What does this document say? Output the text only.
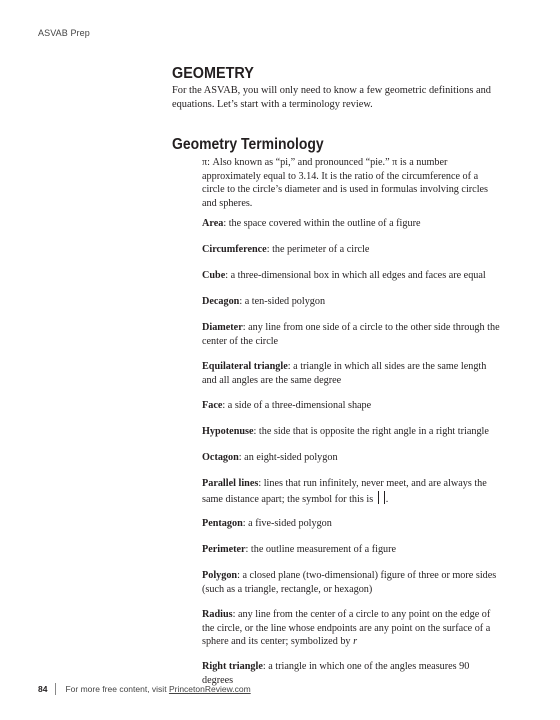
ASVAB Prep
GEOMETRY
For the ASVAB, you will only need to know a few geometric definitions and equations. Let’s start with a terminology review.
Geometry Terminology
π: Also known as “pi,” and pronounced “pie.” π is a number approximately equal to 3.14. It is the ratio of the circumference of a circle to the circle’s diameter and is used in formulas involving circles and spheres.
Area: the space covered within the outline of a figure
Circumference: the perimeter of a circle
Cube: a three-dimensional box in which all edges and faces are equal
Decagon: a ten-sided polygon
Diameter: any line from one side of a circle to the other side through the center of the circle
Equilateral triangle: a triangle in which all sides are the same length and all angles are the same degree
Face: a side of a three-dimensional shape
Hypotenuse: the side that is opposite the right angle in a right triangle
Octagon: an eight-sided polygon
Parallel lines: lines that run infinitely, never meet, and are always the same distance apart; the symbol for this is .
Pentagon: a five-sided polygon
Perimeter: the outline measurement of a figure
Polygon: a closed plane (two-dimensional) figure of three or more sides (such as a triangle, rectangle, or hexagon)
Radius: any line from the center of a circle to any point on the edge of the circle, or the line whose endpoints are any point on the surface of a sphere and its center; symbolized by r
Right triangle: a triangle in which one of the angles measures 90 degrees
84 For more free content, visit
PrincetonReview.com
